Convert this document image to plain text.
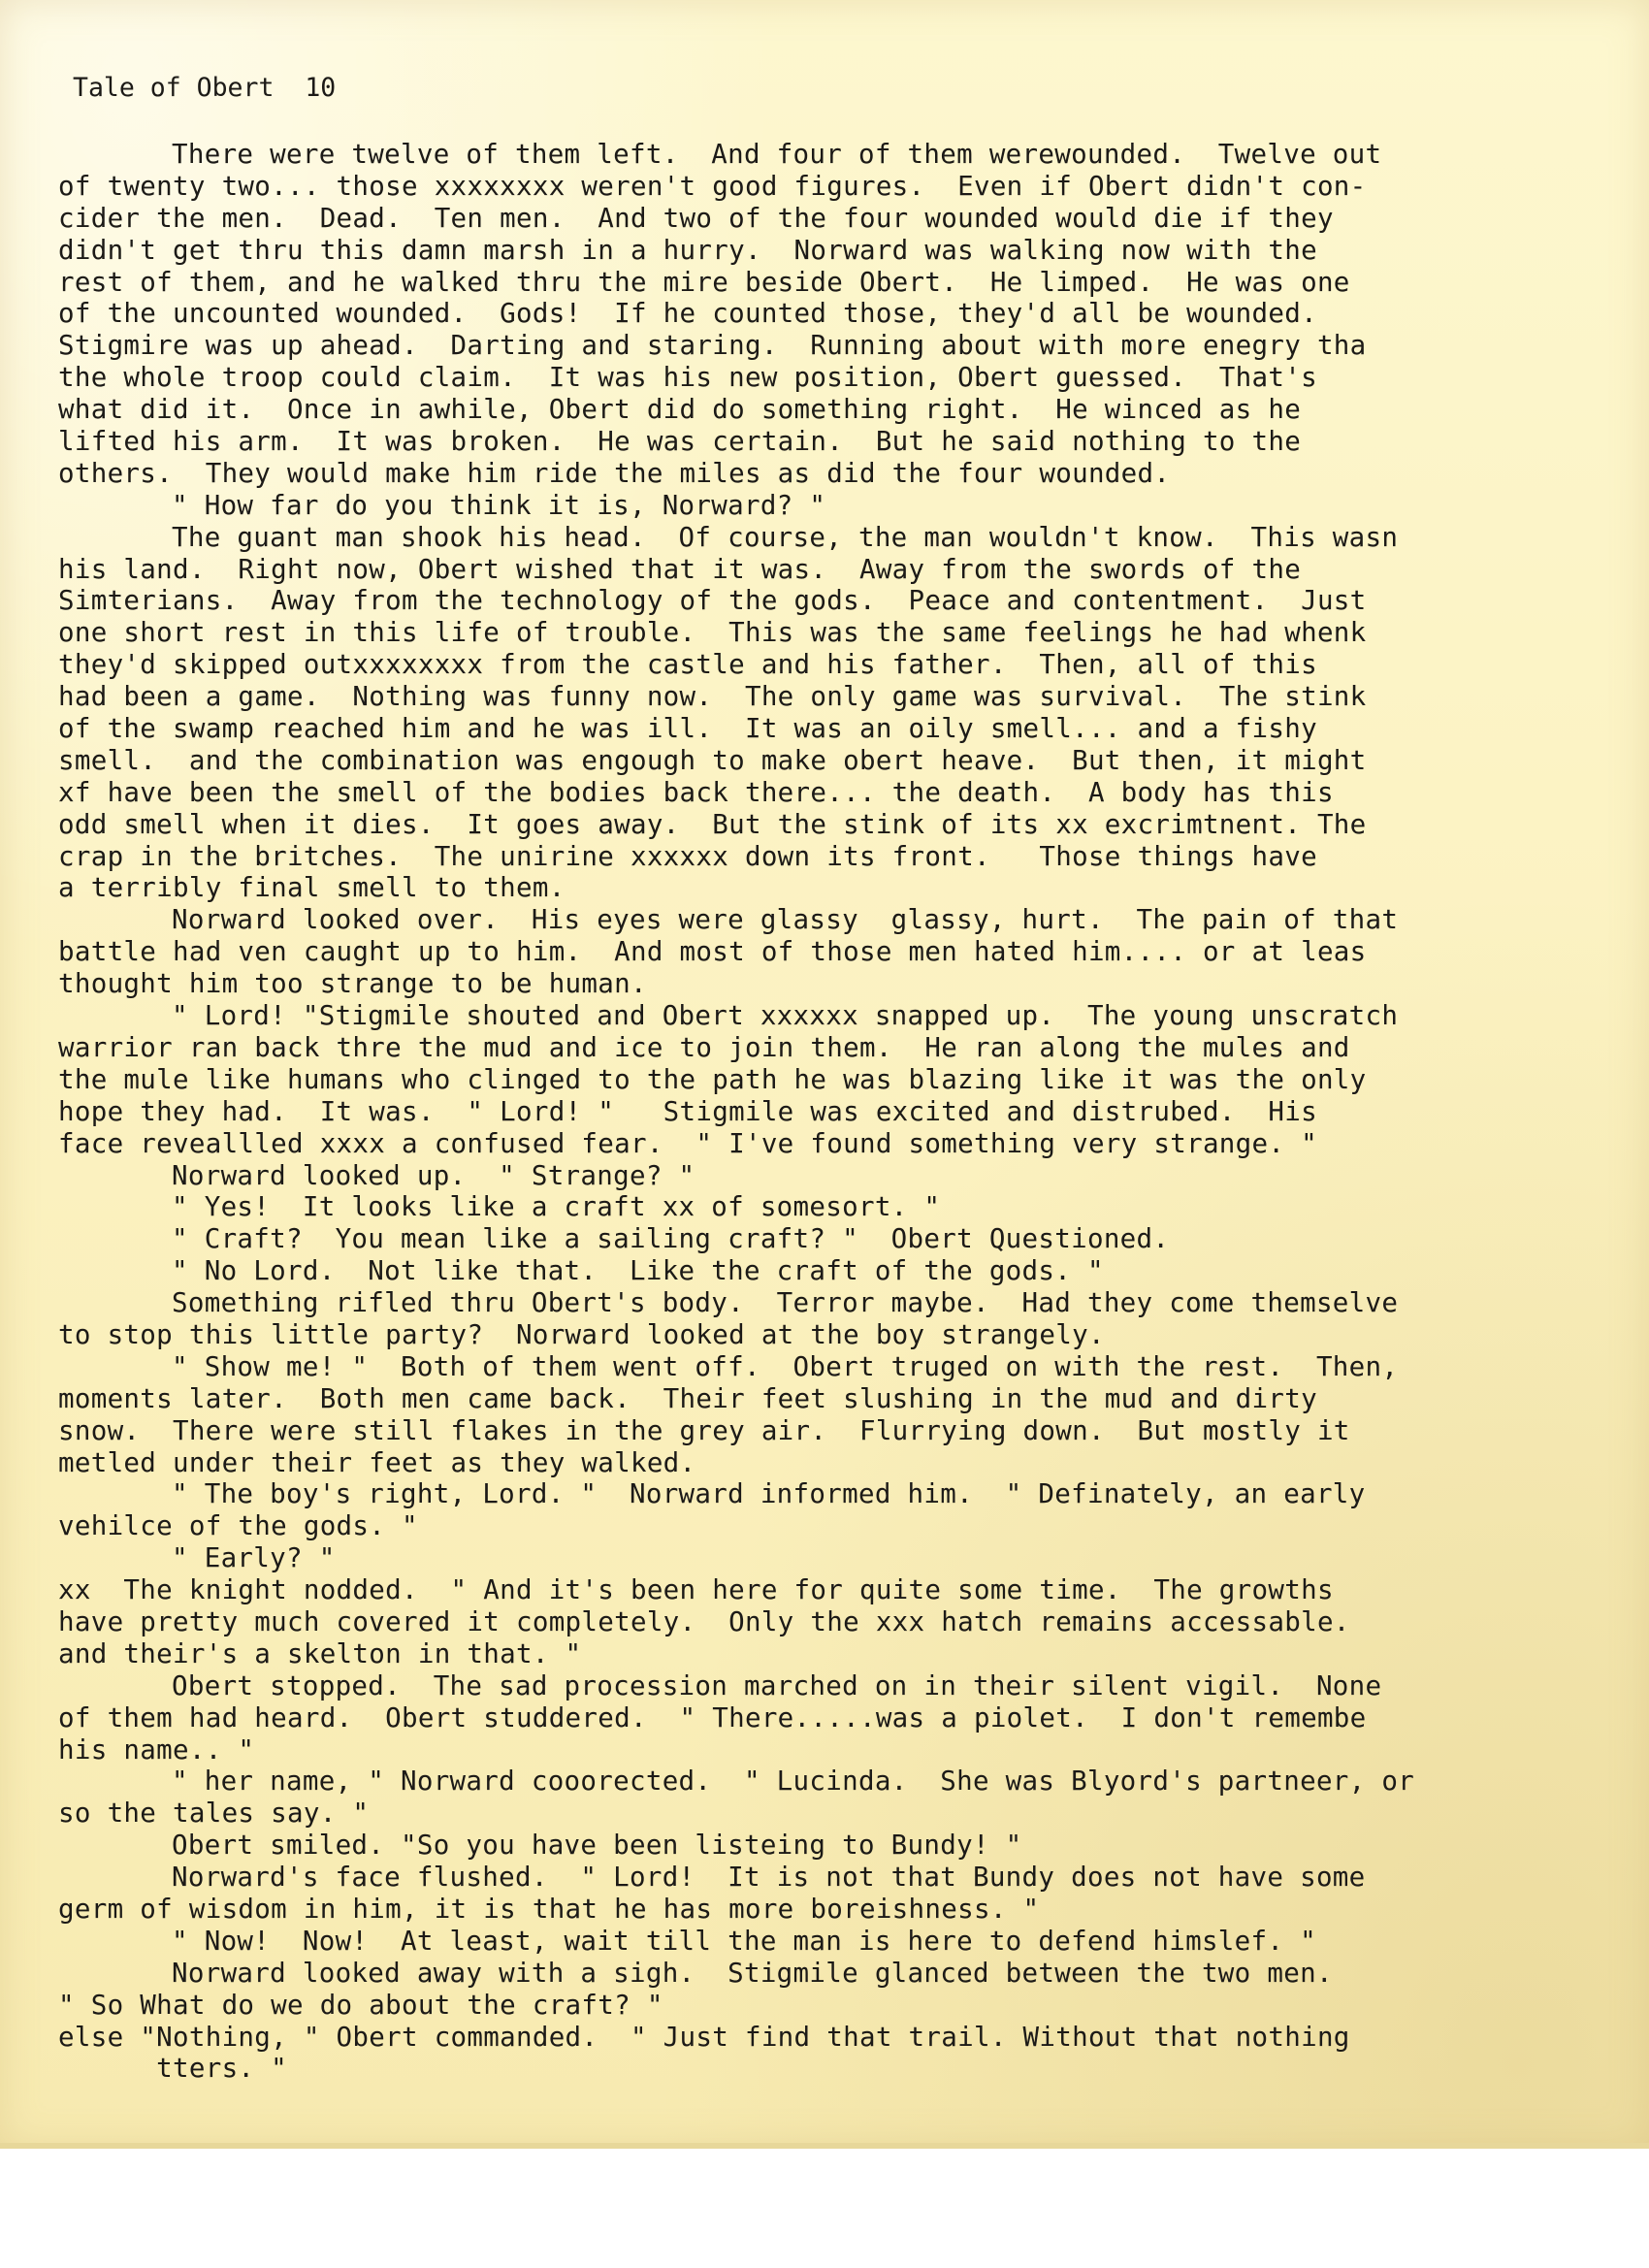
Tale of Obert  10
There were twelve of them left.  And four of them werewounded.  Twelve out
of twenty two... those xxxxxxxx weren't good figures.  Even if Obert didn't con-
cider the men.  Dead.  Ten men.  And two of the four wounded would die if they
didn't get thru this damn marsh in a hurry.  Norward was walking now with the
rest of them, and he walked thru the mire beside Obert.  He limped.  He was one
of the uncounted wounded.  Gods!  If he counted those, they'd all be wounded.
Stigmire was up ahead.  Darting and staring.  Running about with more enegry tha
the whole troop could claim.  It was his new position, Obert guessed.  That's
what did it.  Once in awhile, Obert did do something right.  He winced as he
lifted his arm.  It was broken.  He was certain.  But he said nothing to the
others.  They would make him ride the miles as did the four wounded.
" How far do you think it is, Norward? "
The guant man shook his head.  Of course, the man wouldn't know.  This wasn
his land.  Right now, Obert wished that it was.  Away from the swords of the
Simterians.  Away from the technology of the gods.  Peace and contentment.  Just
one short rest in this life of trouble.  This was the same feelings he had whenk
they'd skipped outxxxxxxxx from the castle and his father.  Then, all of this
had been a game.  Nothing was funny now.  The only game was survival.  The stink
of the swamp reached him and he was ill.  It was an oily smell... and a fishy
smell.  and the combination was engough to make obert heave.  But then, it might
xf have been the smell of the bodies back there... the death.  A body has this
odd smell when it dies.  It goes away.  But the stink of its xx excrimtnent. The
crap in the britches.  The unirine xxxxxx down its front.   Those things have
a terribly final smell to them.
Norward looked over.  His eyes were glassy  glassy, hurt.  The pain of that
battle had ven caught up to him.  And most of those men hated him.... or at leas
thought him too strange to be human.
" Lord! "Stigmile shouted and Obert xxxxxx snapped up.  The young unscratch
warrior ran back thre the mud and ice to join them.  He ran along the mules and
the mule like humans who clinged to the path he was blazing like it was the only
hope they had.  It was.  " Lord! "   Stigmile was excited and distrubed.  His
face reveallled xxxx a confused fear.  " I've found something very strange. "
Norward looked up.  " Strange? "
" Yes!  It looks like a craft xx of somesort. "
" Craft?  You mean like a sailing craft? "  Obert Questioned.
" No Lord.  Not like that.  Like the craft of the gods. "
Something rifled thru Obert's body.  Terror maybe.  Had they come themselve
to stop this little party?  Norward looked at the boy strangely.
" Show me! "  Both of them went off.  Obert truged on with the rest.  Then,
moments later.  Both men came back.  Their feet slushing in the mud and dirty
snow.  There were still flakes in the grey air.  Flurrying down.  But mostly it
metled under their feet as they walked.
" The boy's right, Lord. "  Norward informed him.  " Definately, an early
vehilce of the gods. "
" Early? "
xx  The knight nodded.  " And it's been here for quite some time.  The growths
have pretty much covered it completely.  Only the xxx hatch remains accessable.
and their's a skelton in that. "
Obert stopped.  The sad procession marched on in their silent vigil.  None
of them had heard.  Obert studdered.  " There.....was a piolet.  I don't remembe
his name.. "
" her name, " Norward cooorected.  " Lucinda.  She was Blyord's partneer, or
so the tales say. "
Obert smiled. "So you have been listeing to Bundy! "
Norward's face flushed.  " Lord!  It is not that Bundy does not have some
germ of wisdom in him, it is that he has more boreishness. "
" Now!  Now!  At least, wait till the man is here to defend himslef. "
Norward looked away with a sigh.  Stigmile glanced between the two men.
" So What do we do about the craft? "
else "Nothing, " Obert commanded.  " Just find that trail. Without that nothing
tters. "
